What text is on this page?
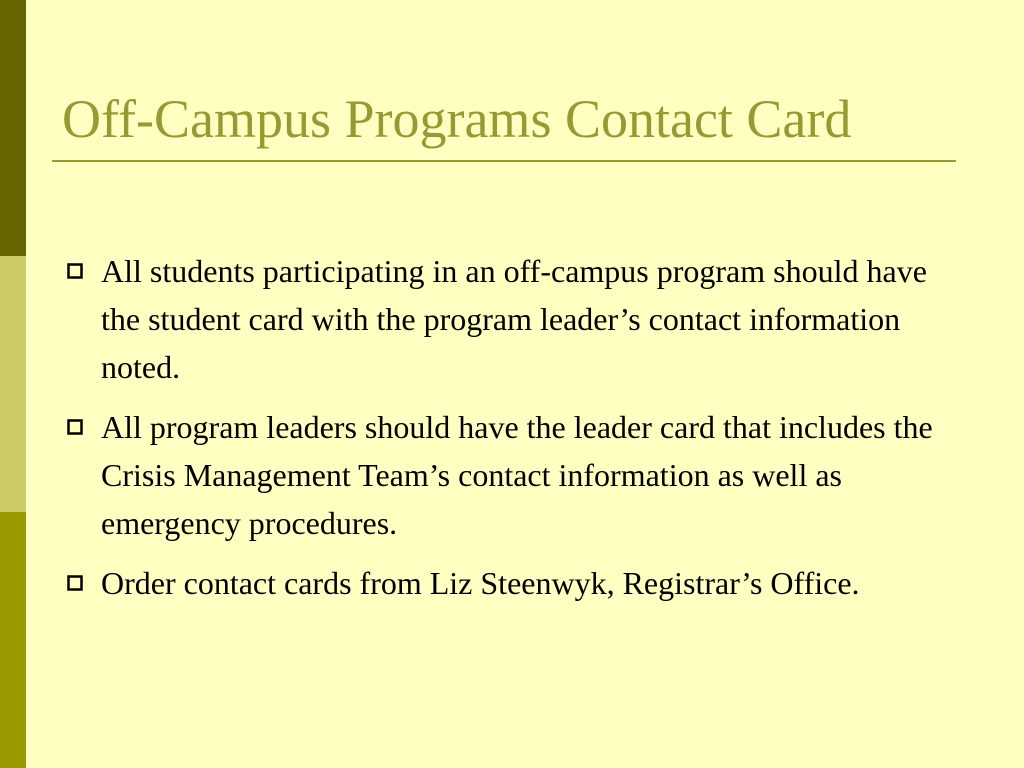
Off-Campus Programs Contact Card
All students participating in an off-campus program should have the student card with the program leader’s contact information noted.
All program leaders should have the leader card that includes the Crisis Management Team’s contact information as well as emergency procedures.
Order contact cards from Liz Steenwyk, Registrar’s Office.
